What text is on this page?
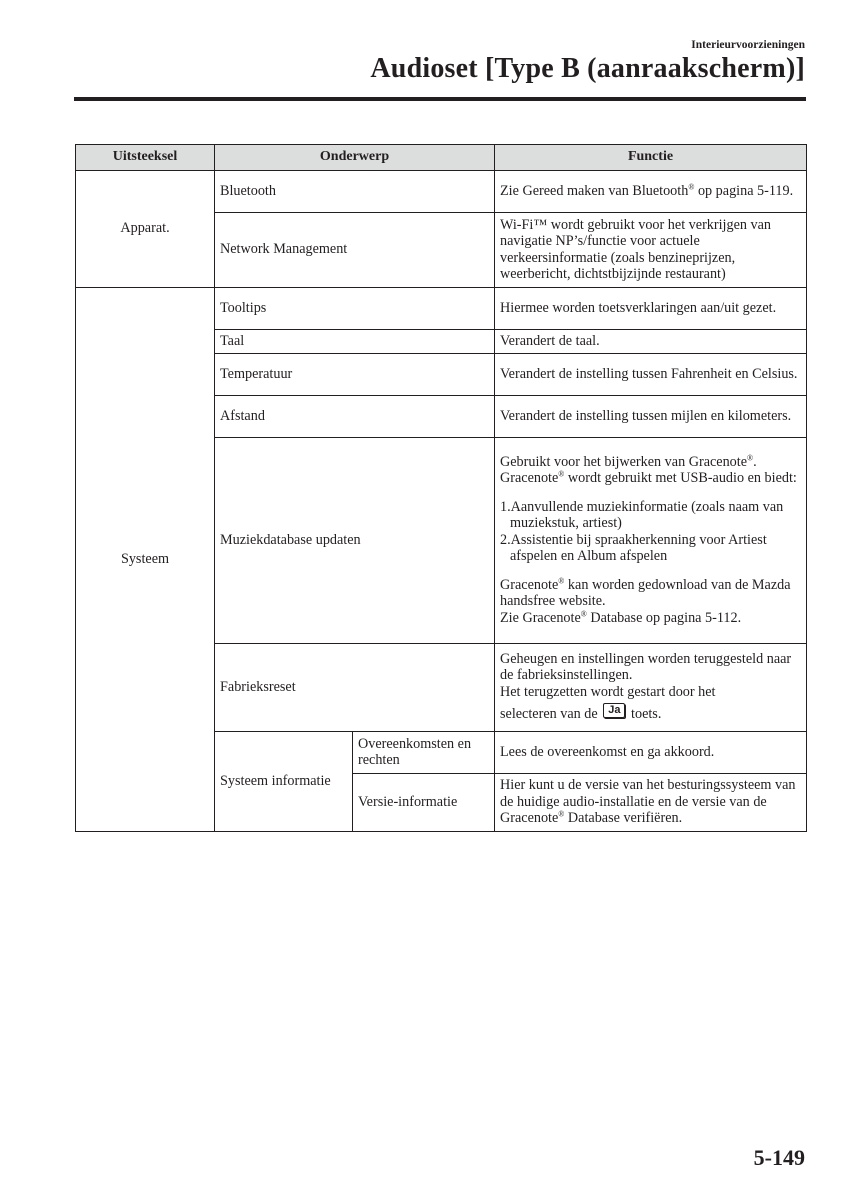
Interieurvoorzieningen
Audioset [Type B (aanraakscherm)]
Uitsteeksel	Onderwerp		Functie
Apparat.	Bluetooth		Zie Gereed maken van Bluetooth® op pagina 5-119.
	Network Management		Wi-Fi™ wordt gebruikt voor het verkrijgen van navigatie NP’s/functie voor actuele verkeersinformatie (zoals benzineprijzen, weerbericht, dichtstbijzijnde restaurant)
Systeem	Tooltips		Hiermee worden toetsverklaringen aan/uit gezet.
	Taal		Verandert de taal.
	Temperatuur		Verandert de instelling tussen Fahrenheit en Celsius.
	Afstand		Verandert de instelling tussen mijlen en kilometers.
	Muziekdatabase updaten		Gebruikt voor het bijwerken van Gracenote®. Gracenote® wordt gebruikt met USB-audio en biedt:
1.Aanvullende muziekinformatie (zoals naam van muziekstuk, artiest)
2.Assistentie bij spraakherkenning voor Artiest afspelen en Album afspelen
Gracenote® kan worden gedownload van de Mazda handsfree website.
Zie Gracenote® Database op pagina 5-112.

	Fabrieksreset		Geheugen en instellingen worden teruggesteld naar de fabrieksinstellingen.
Het terugzetten wordt gestart door het
selecteren van de Ja toets.

	Systeem informatie	Overeenkomsten en rechten	Lees de overeenkomst en ga akkoord.
		Versie-informatie	Hier kunt u de versie van het besturingssysteem van de huidige audio-installatie en de versie van de Gracenote® Database verifiëren.
5-149
